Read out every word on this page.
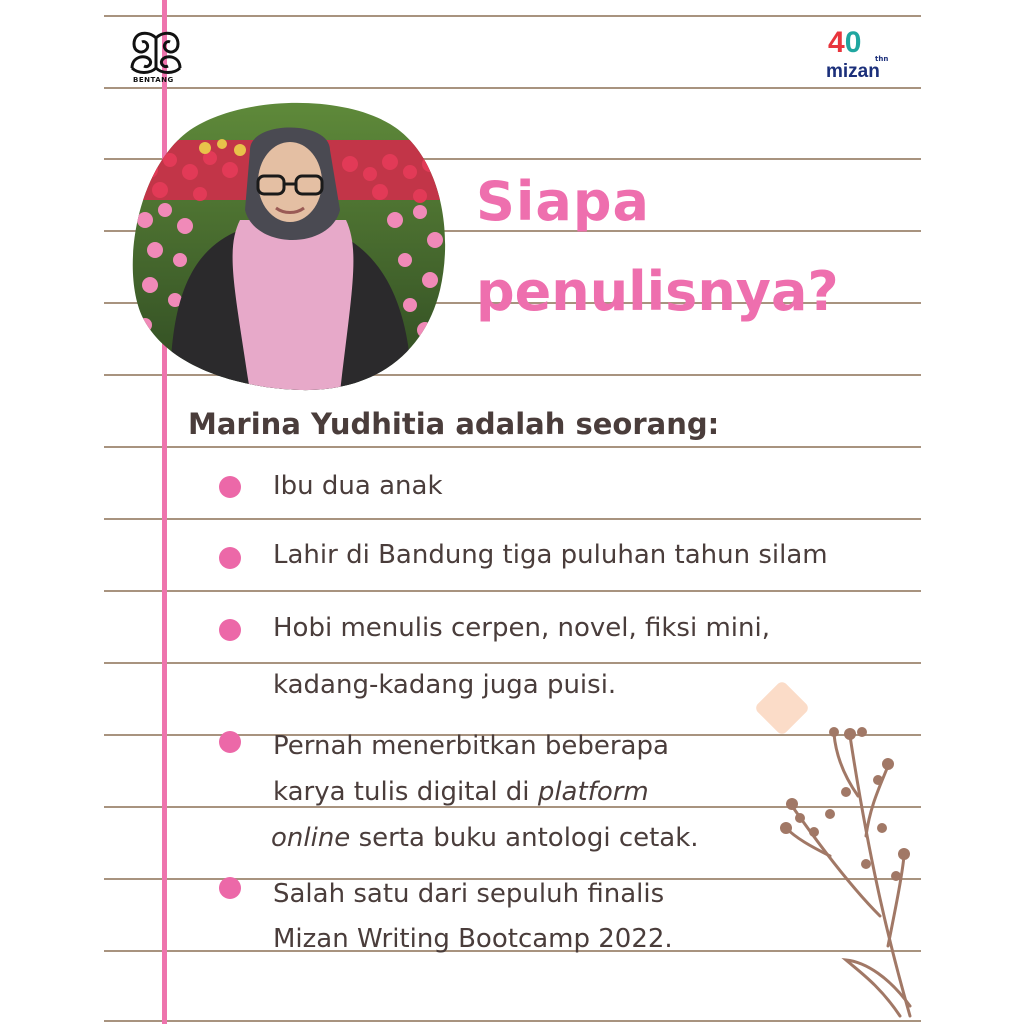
BENTANG
40 thn
mizan
Siapa
penulisnya?
Marina Yudhitia adalah seorang:
Ibu dua anak
Lahir di Bandung tiga puluhan tahun silam
Hobi menulis cerpen, novel, fiksi mini,
kadang-kadang juga puisi.
Pernah menerbitkan beberapa
karya tulis digital di platform
online serta buku antologi cetak.
Salah satu dari sepuluh finalis
Mizan Writing Bootcamp 2022.
